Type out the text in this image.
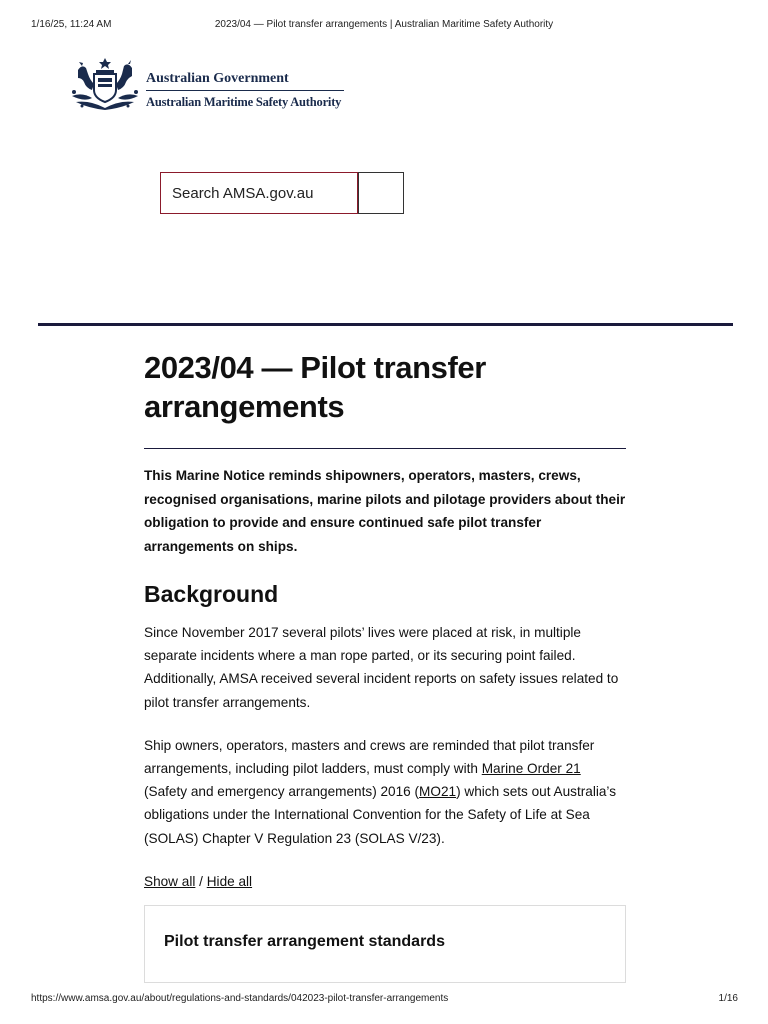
1/16/25, 11:24 AM	2023/04 — Pilot transfer arrangements | Australian Maritime Safety Authority
Australian Government
Australian Maritime Safety Authority
Search AMSA.gov.au
2023/04 — Pilot transfer arrangements

This Marine Notice reminds shipowners, operators, masters, crews, recognised organisations, marine pilots and pilotage providers about their obligation to provide and ensure continued safe pilot transfer arrangements on ships.

Background

Since November 2017 several pilots’ lives were placed at risk, in multiple separate incidents where a man rope parted, or its securing point failed. Additionally, AMSA received several incident reports on safety issues related to pilot transfer arrangements.

Ship owners, operators, masters and crews are reminded that pilot transfer arrangements, including pilot ladders, must comply with Marine Order 21 (Safety and emergency arrangements) 2016 (MO21) which sets out Australia’s obligations under the International Convention for the Safety of Life at Sea (SOLAS) Chapter V Regulation 23 (SOLAS V/23).

Show all / Hide all

Pilot transfer arrangement standards
https://www.amsa.gov.au/about/regulations-and-standards/042023-pilot-transfer-arrangements	1/16
